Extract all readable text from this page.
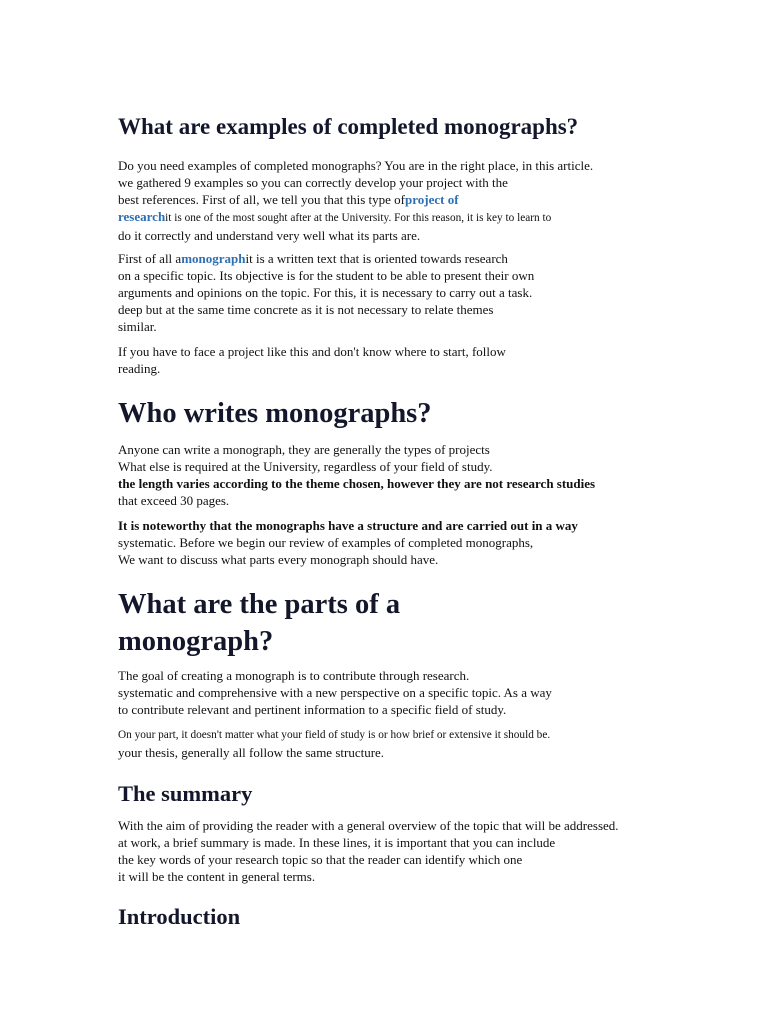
What are examples of completed monographs?

Do you need examples of completed monographs? You are in the right place, in this article.
we gathered 9 examples so you can correctly develop your project with the
best references. First of all, we tell you that this type ofproject of
researchit is one of the most sought after at the University. For this reason, it is key to learn to
do it correctly and understand very well what its parts are.

First of all amonographit is a written text that is oriented towards research
on a specific topic. Its objective is for the student to be able to present their own
arguments and opinions on the topic. For this, it is necessary to carry out a task.
deep but at the same time concrete as it is not necessary to relate themes
similar.

If you have to face a project like this and don't know where to start, follow
reading.

Who writes monographs?

Anyone can write a monograph, they are generally the types of projects
What else is required at the University, regardless of your field of study.
the length varies according to the theme chosen, however they are not research studies
that exceed 30 pages.

It is noteworthy that the monographs have a structure and are carried out in a way
systematic. Before we begin our review of examples of completed monographs,
We want to discuss what parts every monograph should have.

What are the parts of a
monograph?

The goal of creating a monograph is to contribute through research.
systematic and comprehensive with a new perspective on a specific topic. As a way
to contribute relevant and pertinent information to a specific field of study.

On your part, it doesn't matter what your field of study is or how brief or extensive it should be.
your thesis, generally all follow the same structure.

The summary

With the aim of providing the reader with a general overview of the topic that will be addressed.
at work, a brief summary is made. In these lines, it is important that you can include
the key words of your research topic so that the reader can identify which one
it will be the content in general terms.

Introduction
